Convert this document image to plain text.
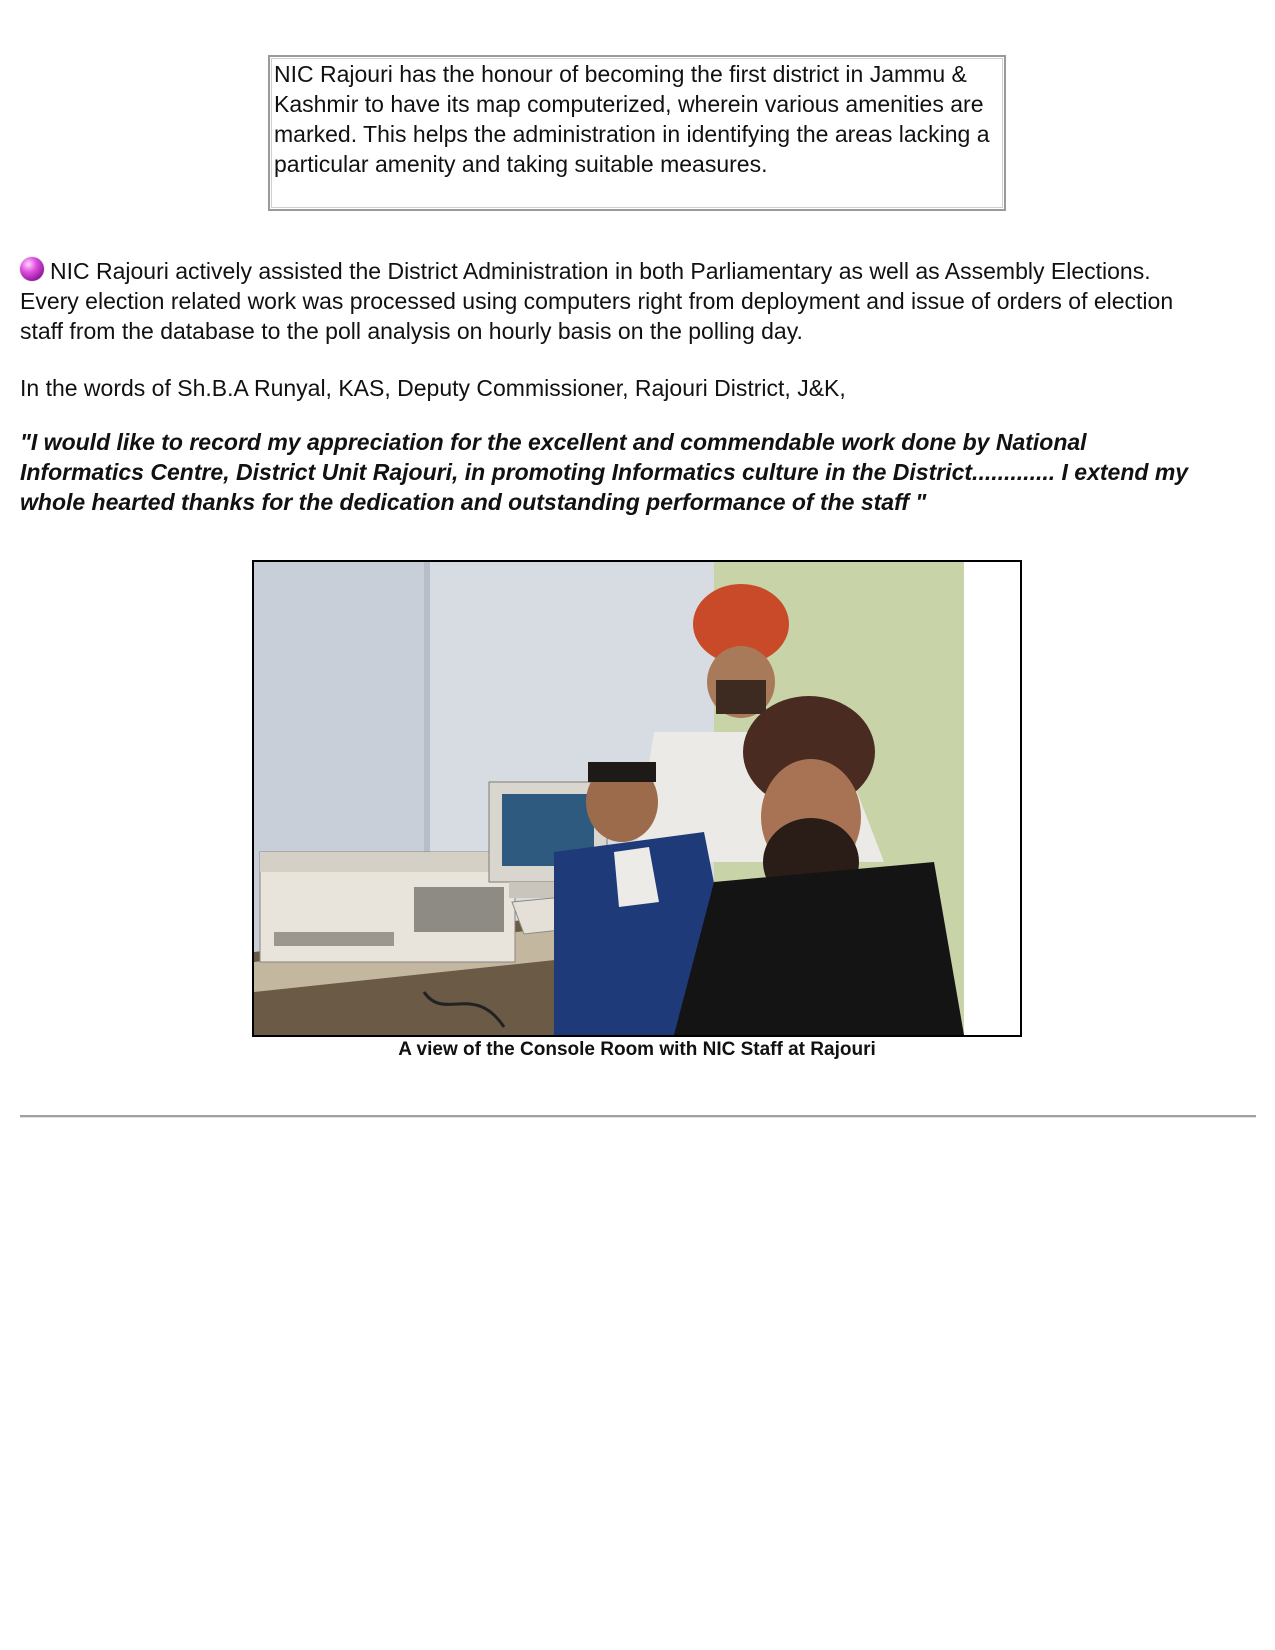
NIC Rajouri has the honour of becoming the first district in Jammu & Kashmir to have its map computerized, wherein various amenities are marked. This helps the administration in identifying the areas lacking a particular amenity and taking suitable measures.

NIC Rajouri actively assisted the District Administration in both Parliamentary as well as Assembly Elections. Every election related work was processed using computers right from deployment and issue of orders of election staff from the database to the poll analysis on hourly basis on the polling day.

In the words of Sh.B.A Runyal, KAS, Deputy Commissioner, Rajouri District, J&K,

"I would like to record my appreciation for the excellent and commendable work done by National Informatics Centre, District Unit Rajouri, in promoting Informatics culture in the District............. I extend my whole hearted thanks for the dedication and outstanding performance of the staff "

A view of the Console Room with NIC Staff at Rajouri
